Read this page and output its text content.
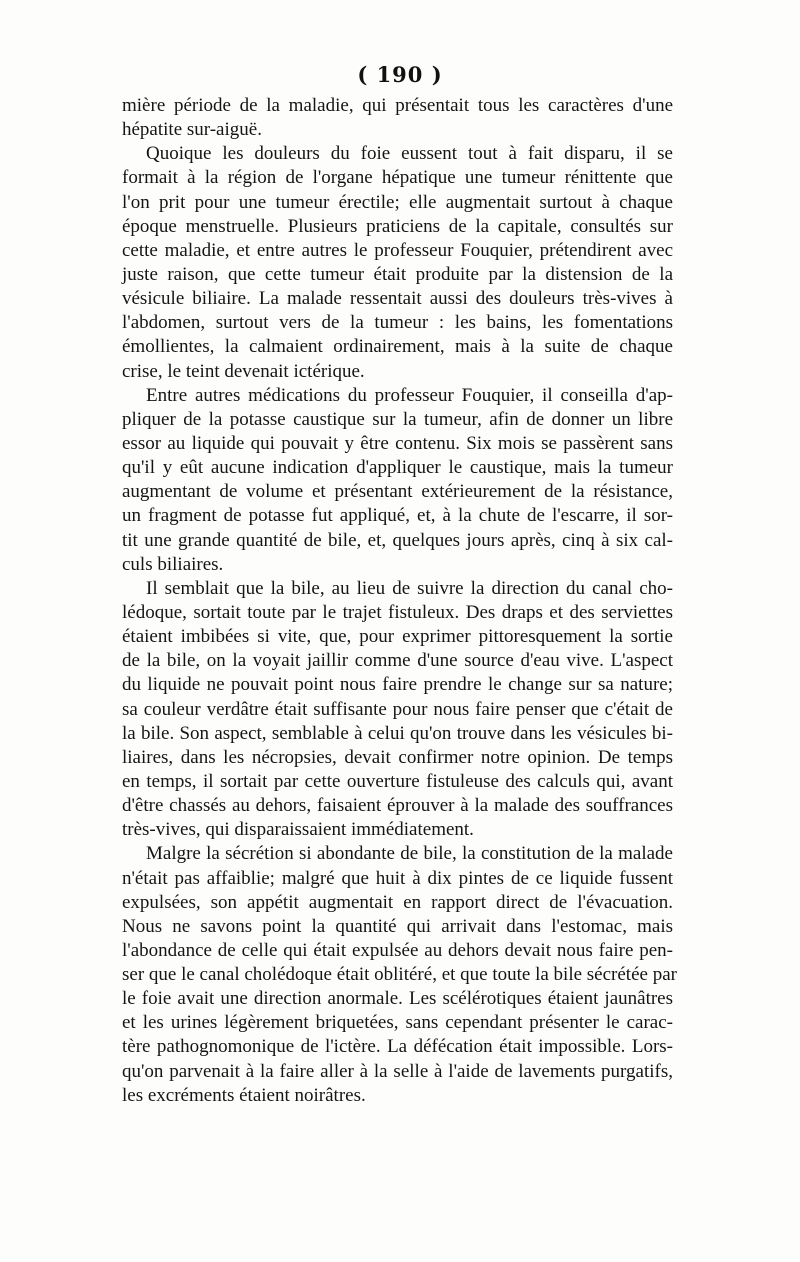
( 190 )
mière période de la maladie, qui présentait tous les caractères d'une
hépatite sur-aiguë.
Quoique les douleurs du foie eussent tout à fait disparu, il se
formait à la région de l'organe hépatique une tumeur rénittente que
l'on prit pour une tumeur érectile; elle augmentait surtout à chaque
époque menstruelle. Plusieurs praticiens de la capitale, consultés sur
cette maladie, et entre autres le professeur Fouquier, prétendirent avec
juste raison, que cette tumeur était produite par la distension de la
vésicule biliaire. La malade ressentait aussi des douleurs très-vives à
l'abdomen, surtout vers de la tumeur : les bains, les fomentations
émollientes, la calmaient ordinairement, mais à la suite de chaque
crise, le teint devenait ictérique.
Entre autres médications du professeur Fouquier, il conseilla d'ap-
pliquer de la potasse caustique sur la tumeur, afin de donner un libre
essor au liquide qui pouvait y être contenu. Six mois se passèrent sans
qu'il y eût aucune indication d'appliquer le caustique, mais la tumeur
augmentant de volume et présentant extérieurement de la résistance,
un fragment de potasse fut appliqué, et, à la chute de l'escarre, il sor-
tit une grande quantité de bile, et, quelques jours après, cinq à six cal-
culs biliaires.
Il semblait que la bile, au lieu de suivre la direction du canal cho-
lédoque, sortait toute par le trajet fistuleux. Des draps et des serviettes
étaient imbibées si vite, que, pour exprimer pittoresquement la sortie
de la bile, on la voyait jaillir comme d'une source d'eau vive. L'aspect
du liquide ne pouvait point nous faire prendre le change sur sa nature;
sa couleur verdâtre était suffisante pour nous faire penser que c'était de
la bile. Son aspect, semblable à celui qu'on trouve dans les vésicules bi-
liaires, dans les nécropsies, devait confirmer notre opinion. De temps
en temps, il sortait par cette ouverture fistuleuse des calculs qui, avant
d'être chassés au dehors, faisaient éprouver à la malade des souffrances
très-vives, qui disparaissaient immédiatement.
Malgre la sécrétion si abondante de bile, la constitution de la malade
n'était pas affaiblie; malgré que huit à dix pintes de ce liquide fussent
expulsées, son appétit augmentait en rapport direct de l'évacuation.
Nous ne savons point la quantité qui arrivait dans l'estomac, mais
l'abondance de celle qui était expulsée au dehors devait nous faire pen-
ser que le canal cholédoque était oblitéré, et que toute la bile sécrétée par
le foie avait une direction anormale. Les scélérotiques étaient jaunâtres
et les urines légèrement briquetées, sans cependant présenter le carac-
tère pathognomonique de l'ictère. La défécation était impossible. Lors-
qu'on parvenait à la faire aller à la selle à l'aide de lavements purgatifs,
les excréments étaient noirâtres.
